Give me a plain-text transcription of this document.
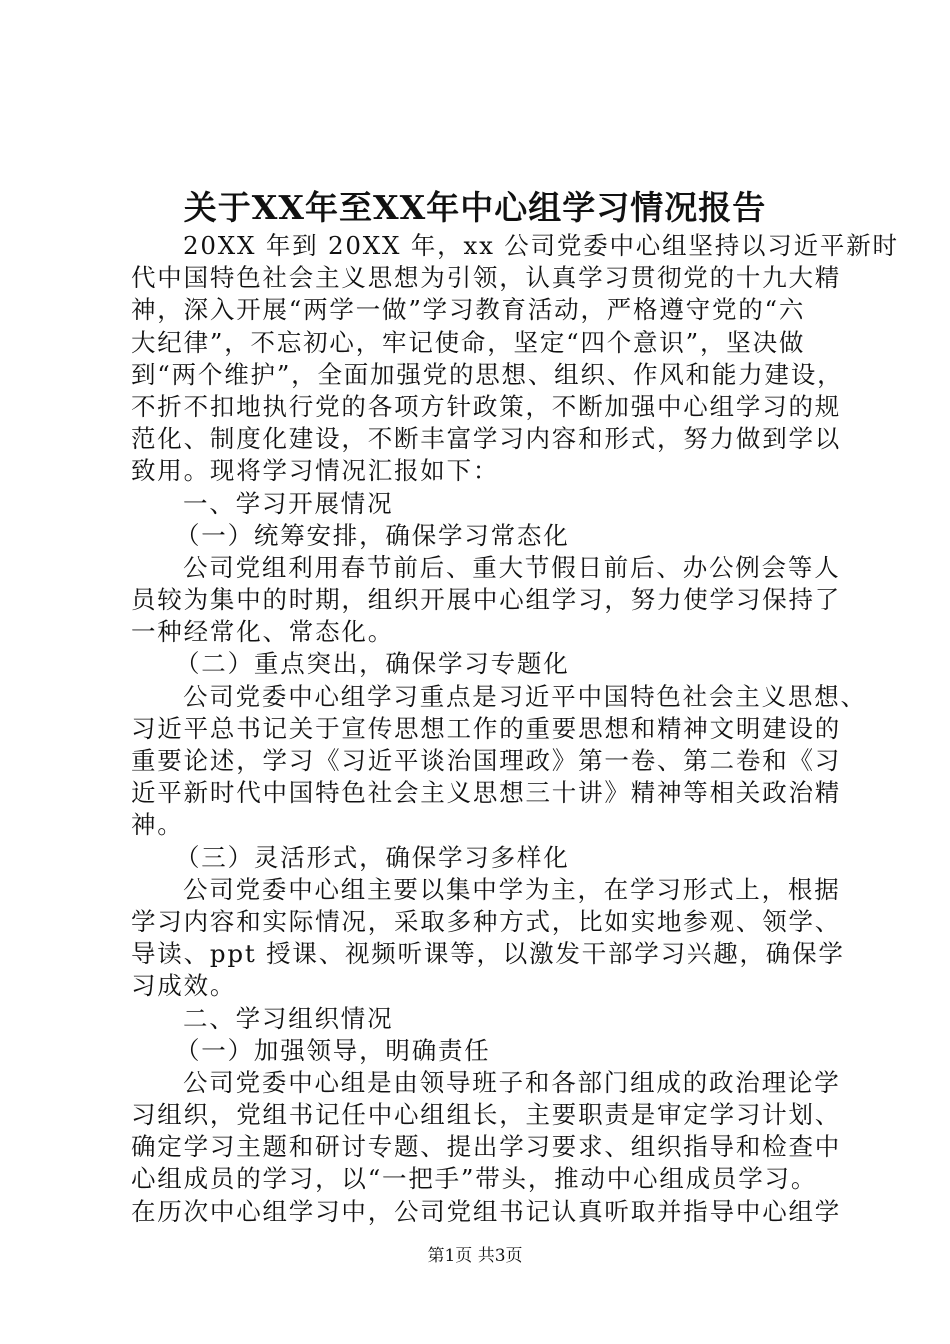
关于XX年至XX年中心组学习情况报告
20XX 年到 20XX 年，xx 公司党委中心组坚持以习近平新时
代中国特色社会主义思想为引领，认真学习贯彻党的十九大精
神，深入开展“两学一做”学习教育活动，严格遵守党的“六
大纪律”，不忘初心，牢记使命，坚定“四个意识”，坚决做
到“两个维护”，全面加强党的思想、组织、作风和能力建设，
不折不扣地执行党的各项方针政策，不断加强中心组学习的规
范化、制度化建设，不断丰富学习内容和形式，努力做到学以
致用。现将学习情况汇报如下：
一、学习开展情况
（一）统筹安排，确保学习常态化
公司党组利用春节前后、重大节假日前后、办公例会等人
员较为集中的时期，组织开展中心组学习，努力使学习保持了
一种经常化、常态化。
（二）重点突出，确保学习专题化
公司党委中心组学习重点是习近平中国特色社会主义思想、
习近平总书记关于宣传思想工作的重要思想和精神文明建设的
重要论述，学习《习近平谈治国理政》第一卷、第二卷和《习
近平新时代中国特色社会主义思想三十讲》精神等相关政治精
神。
（三）灵活形式，确保学习多样化
公司党委中心组主要以集中学为主，在学习形式上，根据
学习内容和实际情况，采取多种方式，比如实地参观、领学、
导读、ppt 授课、视频听课等，以激发干部学习兴趣，确保学
习成效。
二、学习组织情况
（一）加强领导，明确责任
公司党委中心组是由领导班子和各部门组成的政治理论学
习组织，党组书记任中心组组长，主要职责是审定学习计划、
确定学习主题和研讨专题、提出学习要求、组织指导和检查中
心组成员的学习，以“一把手”带头，推动中心组成员学习。
在历次中心组学习中，公司党组书记认真听取并指导中心组学
第1页 共3页
